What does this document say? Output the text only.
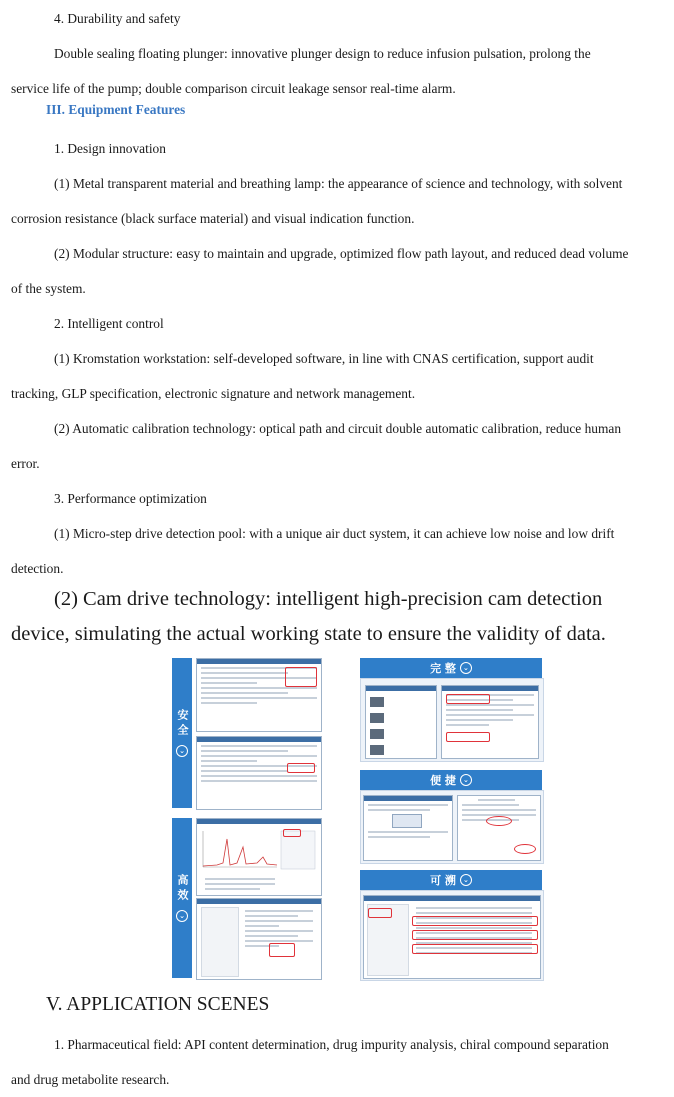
4. Durability and safety

Double sealing floating plunger: innovative plunger design to reduce infusion pulsation, prolong the

service life of the pump; double comparison circuit leakage sensor real-time alarm.

III. Equipment Features

1. Design innovation

(1) Metal transparent material and breathing lamp: the appearance of science and technology, with solvent

corrosion resistance (black surface material) and visual indication function.

(2) Modular structure: easy to maintain and upgrade, optimized flow path layout, and reduced dead volume

of the system.

2. Intelligent control

(1) Kromstation workstation: self-developed software, in line with CNAS certification, support audit

tracking, GLP specification, electronic signature and network management.

(2) Automatic calibration technology: optical path and circuit double automatic calibration, reduce human

error.

3. Performance optimization

(1) Micro-step drive detection pool: with a unique air duct system, it can achieve low noise and low drift

detection.

(2) Cam drive technology: intelligent high-precision cam detection

device, simulating the actual working state to ensure the validity of data.

安全
⌄
高效
⌄
完 整	⌄
便 捷	⌄
可 溯	⌄

V. APPLICATION SCENES

1. Pharmaceutical field: API content determination, drug impurity analysis, chiral compound separation

and drug metabolite research.
